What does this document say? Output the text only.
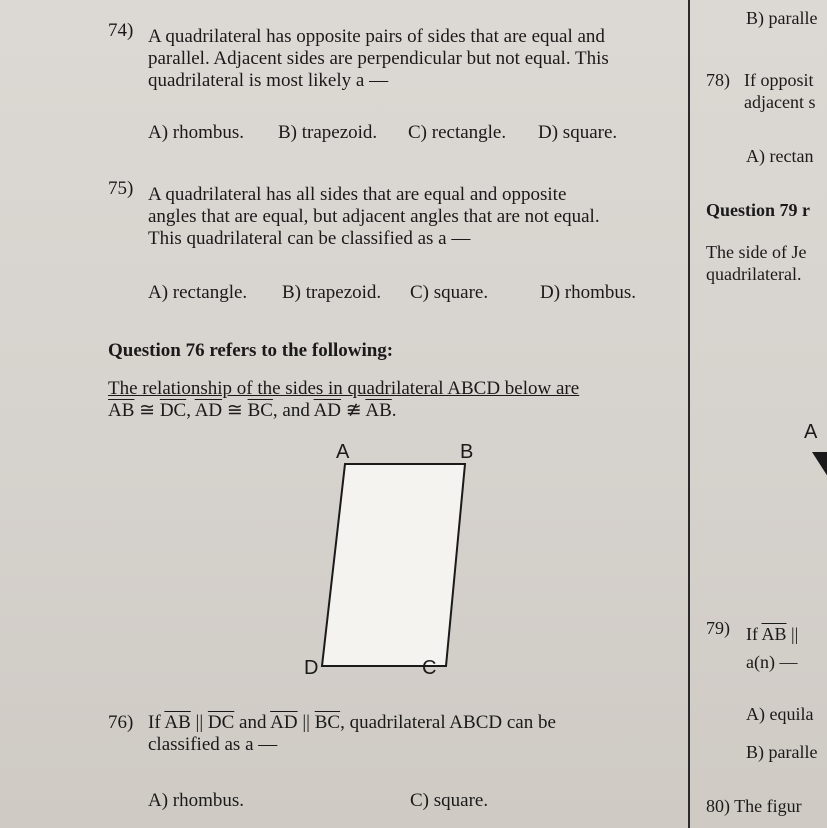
74) A quadrilateral has opposite pairs of sides that are equal and
parallel. Adjacent sides are perpendicular but not equal. This
quadrilateral is most likely a —
A) rhombus. B) trapezoid. C) rectangle. D) square.
75) A quadrilateral has all sides that are equal and opposite
angles that are equal, but adjacent angles that are not equal.
This quadrilateral can be classified as a —
A) rectangle. B) trapezoid. C) square.	D) rhombus.
Question 76 refers to the following:
The relationship of the sides in quadrilateral ABCD below are
$\overline{AB}$ ≅ $\overline{DC}$, $\overline{AD}$ ≅ $\overline{BC}$, and $\overline{AD}$ ≇ $\overline{AB}$.
A	B
D	C
76) If $\overline{AB}$ || $\overline{DC}$ and $\overline{AD}$ || $\overline{BC}$, quadrilateral ABCD can be
classified as a —
A) rhombus.	C) square.
B) paralle
78) If opposit
adjacent s
A) rectan
Question 79 r
The side of Je
quadrilateral.
A
79) If $\overline{AB}$ ||
a(n) —
A) equila
B) paralle
80) The figur
